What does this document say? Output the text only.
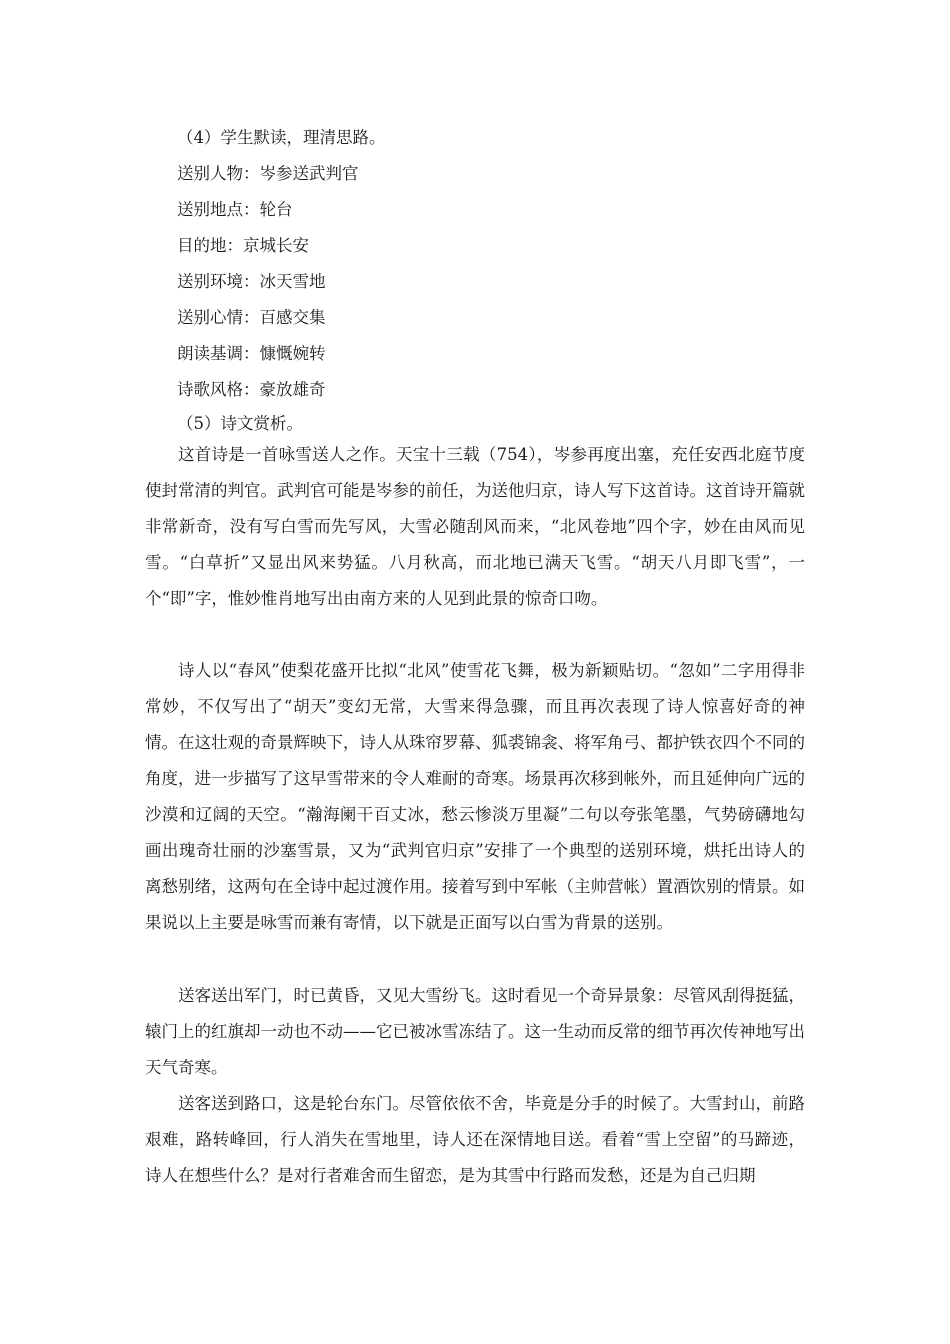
（4）学生默读，理清思路。

送别人物：岑参送武判官

送别地点：轮台

目的地：京城长安

送别环境：冰天雪地

送别心情：百感交集

朗读基调：慷慨婉转

诗歌风格：豪放雄奇

（5）诗文赏析。

这首诗是一首咏雪送人之作。天宝十三载（754），岑参再度出塞，充任安西北庭节度使封常清的判官。武判官可能是岑参的前任，为送他归京，诗人写下这首诗。这首诗开篇就非常新奇，没有写白雪而先写风，大雪必随刮风而来，“北风卷地”四个字，妙在由风而见雪。“白草折”又显出风来势猛。八月秋高，而北地已满天飞雪。“胡天八月即飞雪”，一个“即”字，惟妙惟肖地写出由南方来的人见到此景的惊奇口吻。

诗人以“春风”使梨花盛开比拟“北风”使雪花飞舞，极为新颖贴切。“忽如”二字用得非常妙，不仅写出了“胡天”变幻无常，大雪来得急骤，而且再次表现了诗人惊喜好奇的神情。在这壮观的奇景辉映下，诗人从珠帘罗幕、狐裘锦衾、将军角弓、都护铁衣四个不同的角度，进一步描写了这早雪带来的令人难耐的奇寒。场景再次移到帐外，而且延伸向广远的沙漠和辽阔的天空。“瀚海阑干百丈冰，愁云惨淡万里凝”二句以夸张笔墨，气势磅礴地勾画出瑰奇壮丽的沙塞雪景，又为“武判官归京”安排了一个典型的送别环境，烘托出诗人的离愁别绪，这两句在全诗中起过渡作用。接着写到中军帐（主帅营帐）置酒饮别的情景。如果说以上主要是咏雪而兼有寄情，以下就是正面写以白雪为背景的送别。

送客送出军门，时已黄昏，又见大雪纷飞。这时看见一个奇异景象：尽管风刮得挺猛，辕门上的红旗却一动也不动——它已被冰雪冻结了。这一生动而反常的细节再次传神地写出天气奇寒。

送客送到路口，这是轮台东门。尽管依依不舍，毕竟是分手的时候了。大雪封山，前路艰难，路转峰回，行人消失在雪地里，诗人还在深情地目送。看着“雪上空留”的马蹄迹，诗人在想些什么？是对行者难舍而生留恋，是为其雪中行路而发愁，还是为自己归期
